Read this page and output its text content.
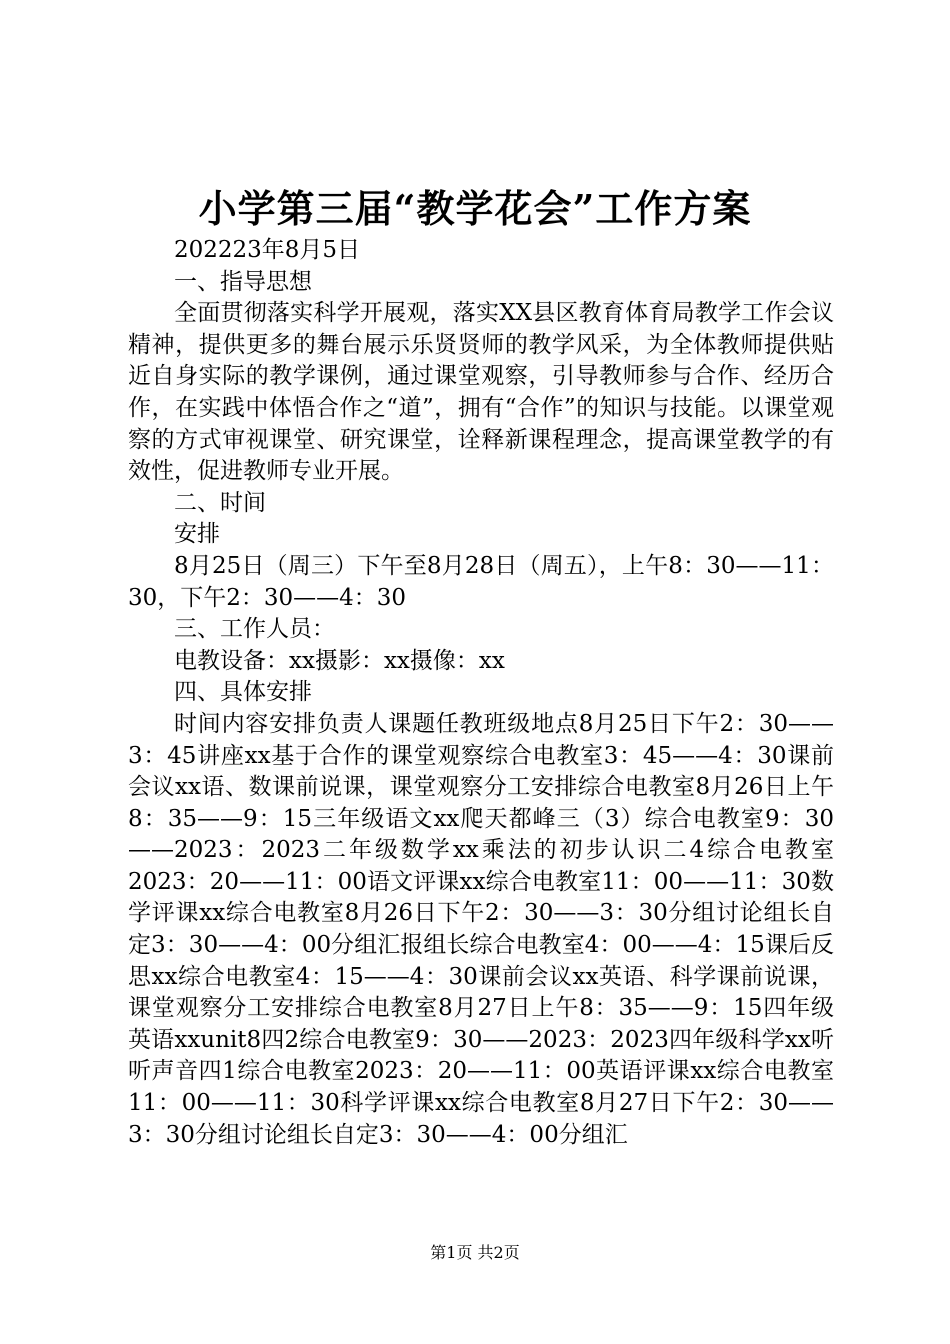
小学第三届“教学花会”工作方案

202223年8月5日

一、指导思想

全面贯彻落实科学开展观，落实XX县区教育体育局教学工作会议精神，提供更多的舞台展示乐贤贤师的教学风采，为全体教师提供贴近自身实际的教学课例，通过课堂观察，引导教师参与合作、经历合作，在实践中体悟合作之“道”，拥有“合作”的知识与技能。以课堂观察的方式审视课堂、研究课堂，诠释新课程理念，提高课堂教学的有效性，促进教师专业开展。

二、时间

安排

8月25日（周三）下午至8月28日（周五），上午8：30——11：30，下午2：30——4：30

三、工作人员：

电教设备：xx摄影：xx摄像：xx

四、具体安排

时间内容安排负责人课题任教班级地点8月25日下午2：30——3：45讲座xx基于合作的课堂观察综合电教室3：45——4：30课前会议xx语、数课前说课，课堂观察分工安排综合电教室8月26日上午8：35——9：15三年级语文xx爬天都峰三（3）综合电教室9：30——2023：2023二年级数学xx乘法的初步认识二4综合电教室2023：20——11：00语文评课xx综合电教室11：00——11：30数学评课xx综合电教室8月26日下午2：30——3：30分组讨论组长自定3：30——4：00分组汇报组长综合电教室4：00——4：15课后反思xx综合电教室4：15——4：30课前会议xx英语、科学课前说课，课堂观察分工安排综合电教室8月27日上午8：35——9：15四年级英语xxunit8四2综合电教室9：30——2023：2023四年级科学xx听听声音四1综合电教室2023：20——11：00英语评课xx综合电教室11：00——11：30科学评课xx综合电教室8月27日下午2：30——3：30分组讨论组长自定3：30——4：00分组汇

第1页 共2页
